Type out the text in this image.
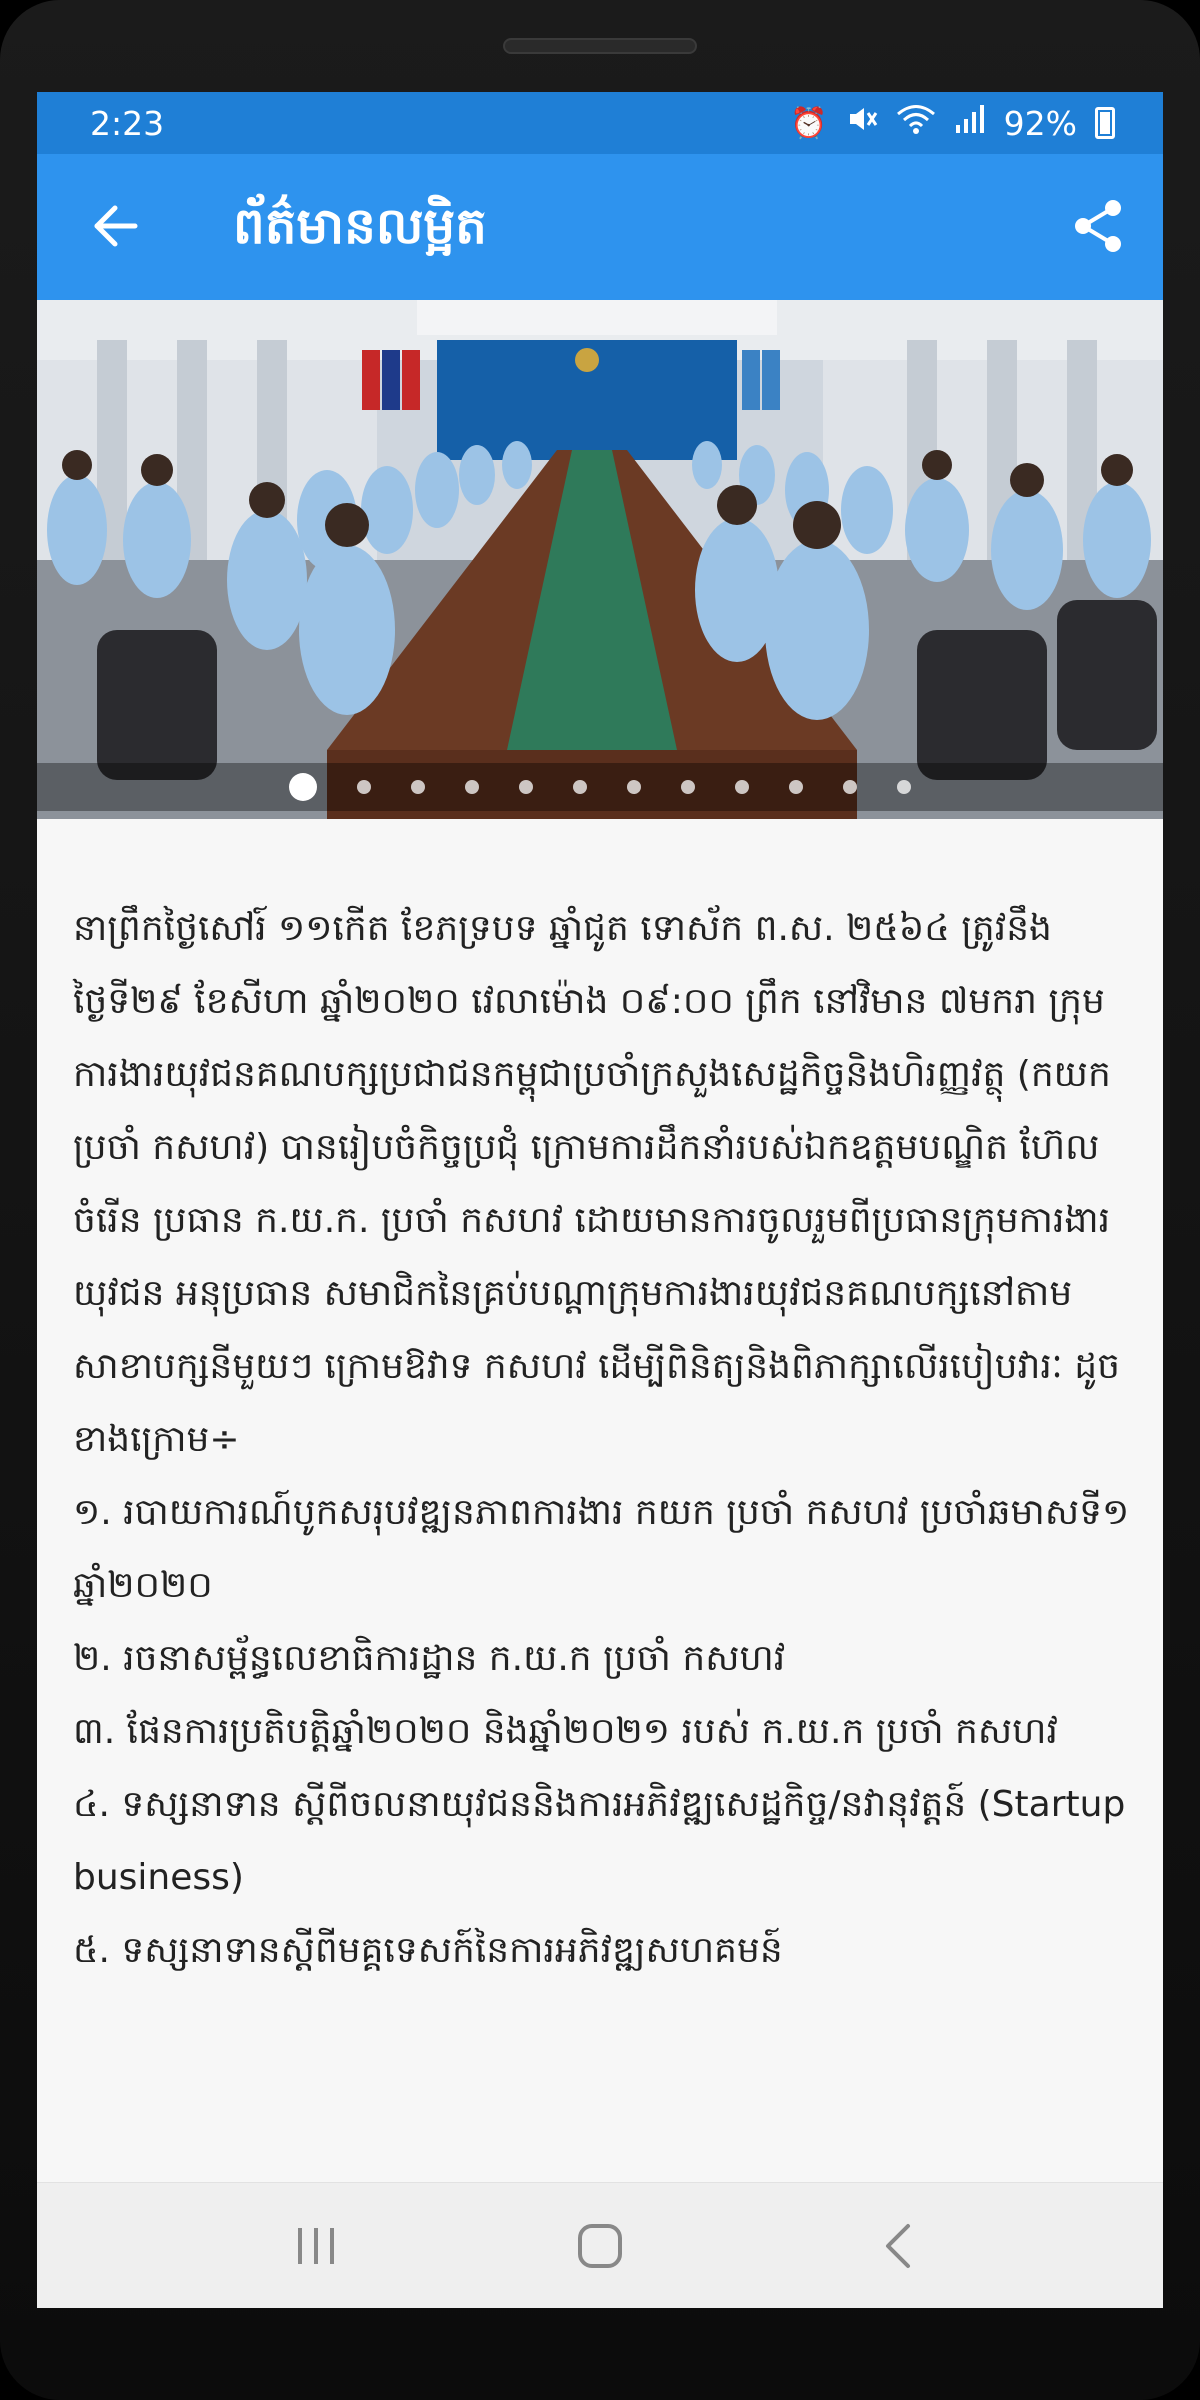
2:23	⏰	92%
ព័ត៌មានលម្អិត

នាព្រឹកថ្ងៃសៅរ៍ ១១កើត ខែភទ្របទ ឆ្នាំជូត ទោស័ក ព.ស. ២៥៦៤ ត្រូវនឹងថ្ងៃទី២៩ ខែសីហា ឆ្នាំ២០២០ វេលាម៉ោង ០៩:០០ ព្រឹក នៅវិមាន ៧មករា ក្រុមការងារយុវជនគណបក្សប្រជាជនកម្ពុជាប្រចាំក្រសួងសេដ្ឋកិច្ចនិងហិរញ្ញវត្ថុ (កយក ប្រចាំ កសហវ) បានរៀបចំកិច្ចប្រជុំ ក្រោមការដឹកនាំរបស់ឯកឧត្តមបណ្ឌិត ហ៊ែល ចំរើន ប្រធាន ក.យ.ក. ប្រចាំ កសហវ ដោយមានការចូលរួមពីប្រធានក្រុមការងារយុវជន អនុប្រធាន សមាជិកនៃគ្រប់បណ្តាក្រុមការងារយុវជនគណបក្សនៅតាមសាខាបក្សនីមួយៗ ក្រោមឱវាទ កសហវ ដើម្បីពិនិត្យនិងពិភាក្សាលើរបៀបវារៈ ដូចខាងក្រោម÷

១. របាយការណ៍បូកសរុបវឌ្ឍនភាពការងារ កយក ប្រចាំ កសហវ ប្រចាំឆមាសទី១ ឆ្នាំ២០២០

២. រចនាសម្ព័ន្ធលេខាធិការដ្ឋាន ក.យ.ក ប្រចាំ កសហវ

៣. ផែនការប្រតិបត្តិឆ្នាំ២០២០ និងឆ្នាំ២០២១ របស់ ក.យ.ក ប្រចាំ កសហវ

៤. ទស្សនាទាន ស្តីពីចលនាយុវជននិងការអភិវឌ្ឍសេដ្ឋកិច្ច/នវានុវត្តន៍ (Startup business)

៥. ទស្សនាទានស្តីពីមគ្គទេសក៍នៃការអភិវឌ្ឍសហគមន៍
